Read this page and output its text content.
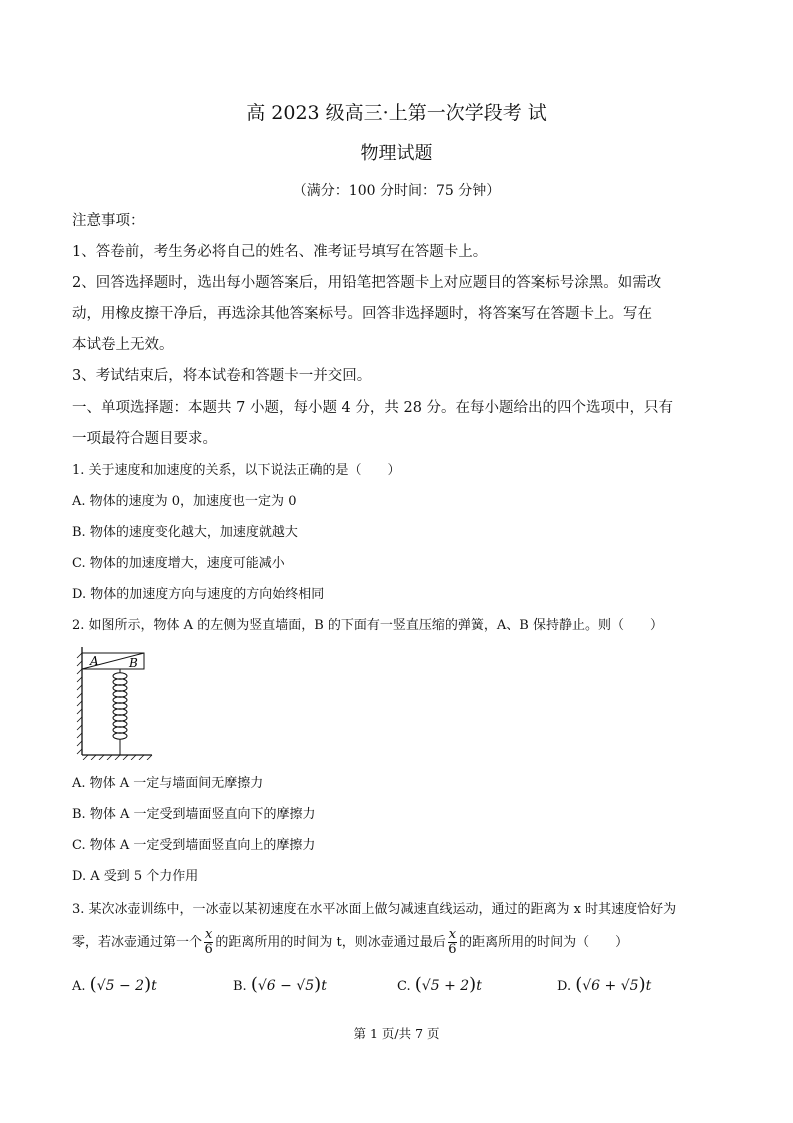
高 2023 级高三·上第一次学段考 试
物理试题
（满分：100 分时间：75 分钟）
注意事项：
1、答卷前，考生务必将自己的姓名、准考证号填写在答题卡上。
2、回答选择题时，选出每小题答案后，用铅笔把答题卡上对应题目的答案标号涂黑。如需改
动，用橡皮擦干净后，再选涂其他答案标号。回答非选择题时，将答案写在答题卡上。写在
本试卷上无效。
3、考试结束后，将本试卷和答题卡一并交回。
一、单项选择题：本题共 7 小题，每小题 4 分，共 28 分。在每小题给出的四个选项中，只有
一项最符合题目要求。
1. 关于速度和加速度的关系，以下说法正确的是（　　）
A. 物体的速度为 0，加速度也一定为 0
B. 物体的速度变化越大，加速度就越大
C. 物体的加速度增大，速度可能减小
D. 物体的加速度方向与速度的方向始终相同
2. 如图所示，物体 A 的左侧为竖直墙面，B 的下面有一竖直压缩的弹簧，A、B 保持静止。则（　　）
A	B
A. 物体 A 一定与墙面间无摩擦力
B. 物体 A 一定受到墙面竖直向下的摩擦力
C. 物体 A 一定受到墙面竖直向上的摩擦力
D. A 受到 5 个力作用
3. 某次冰壶训练中，一冰壶以某初速度在水平冰面上做匀减速直线运动，通过的距离为 x 时其速度恰好为
零，若冰壶通过第一个 $\frac{x}{6}$ 的距离所用的时间为 t，则冰壶通过最后 $\frac{x}{6}$ 的距离所用的时间为（　　）
A. (√5 − 2)t	B. (√6 − √5)t	C. (√5 + 2)t	D. (√6 + √5)t
第 1 页/共 7 页
